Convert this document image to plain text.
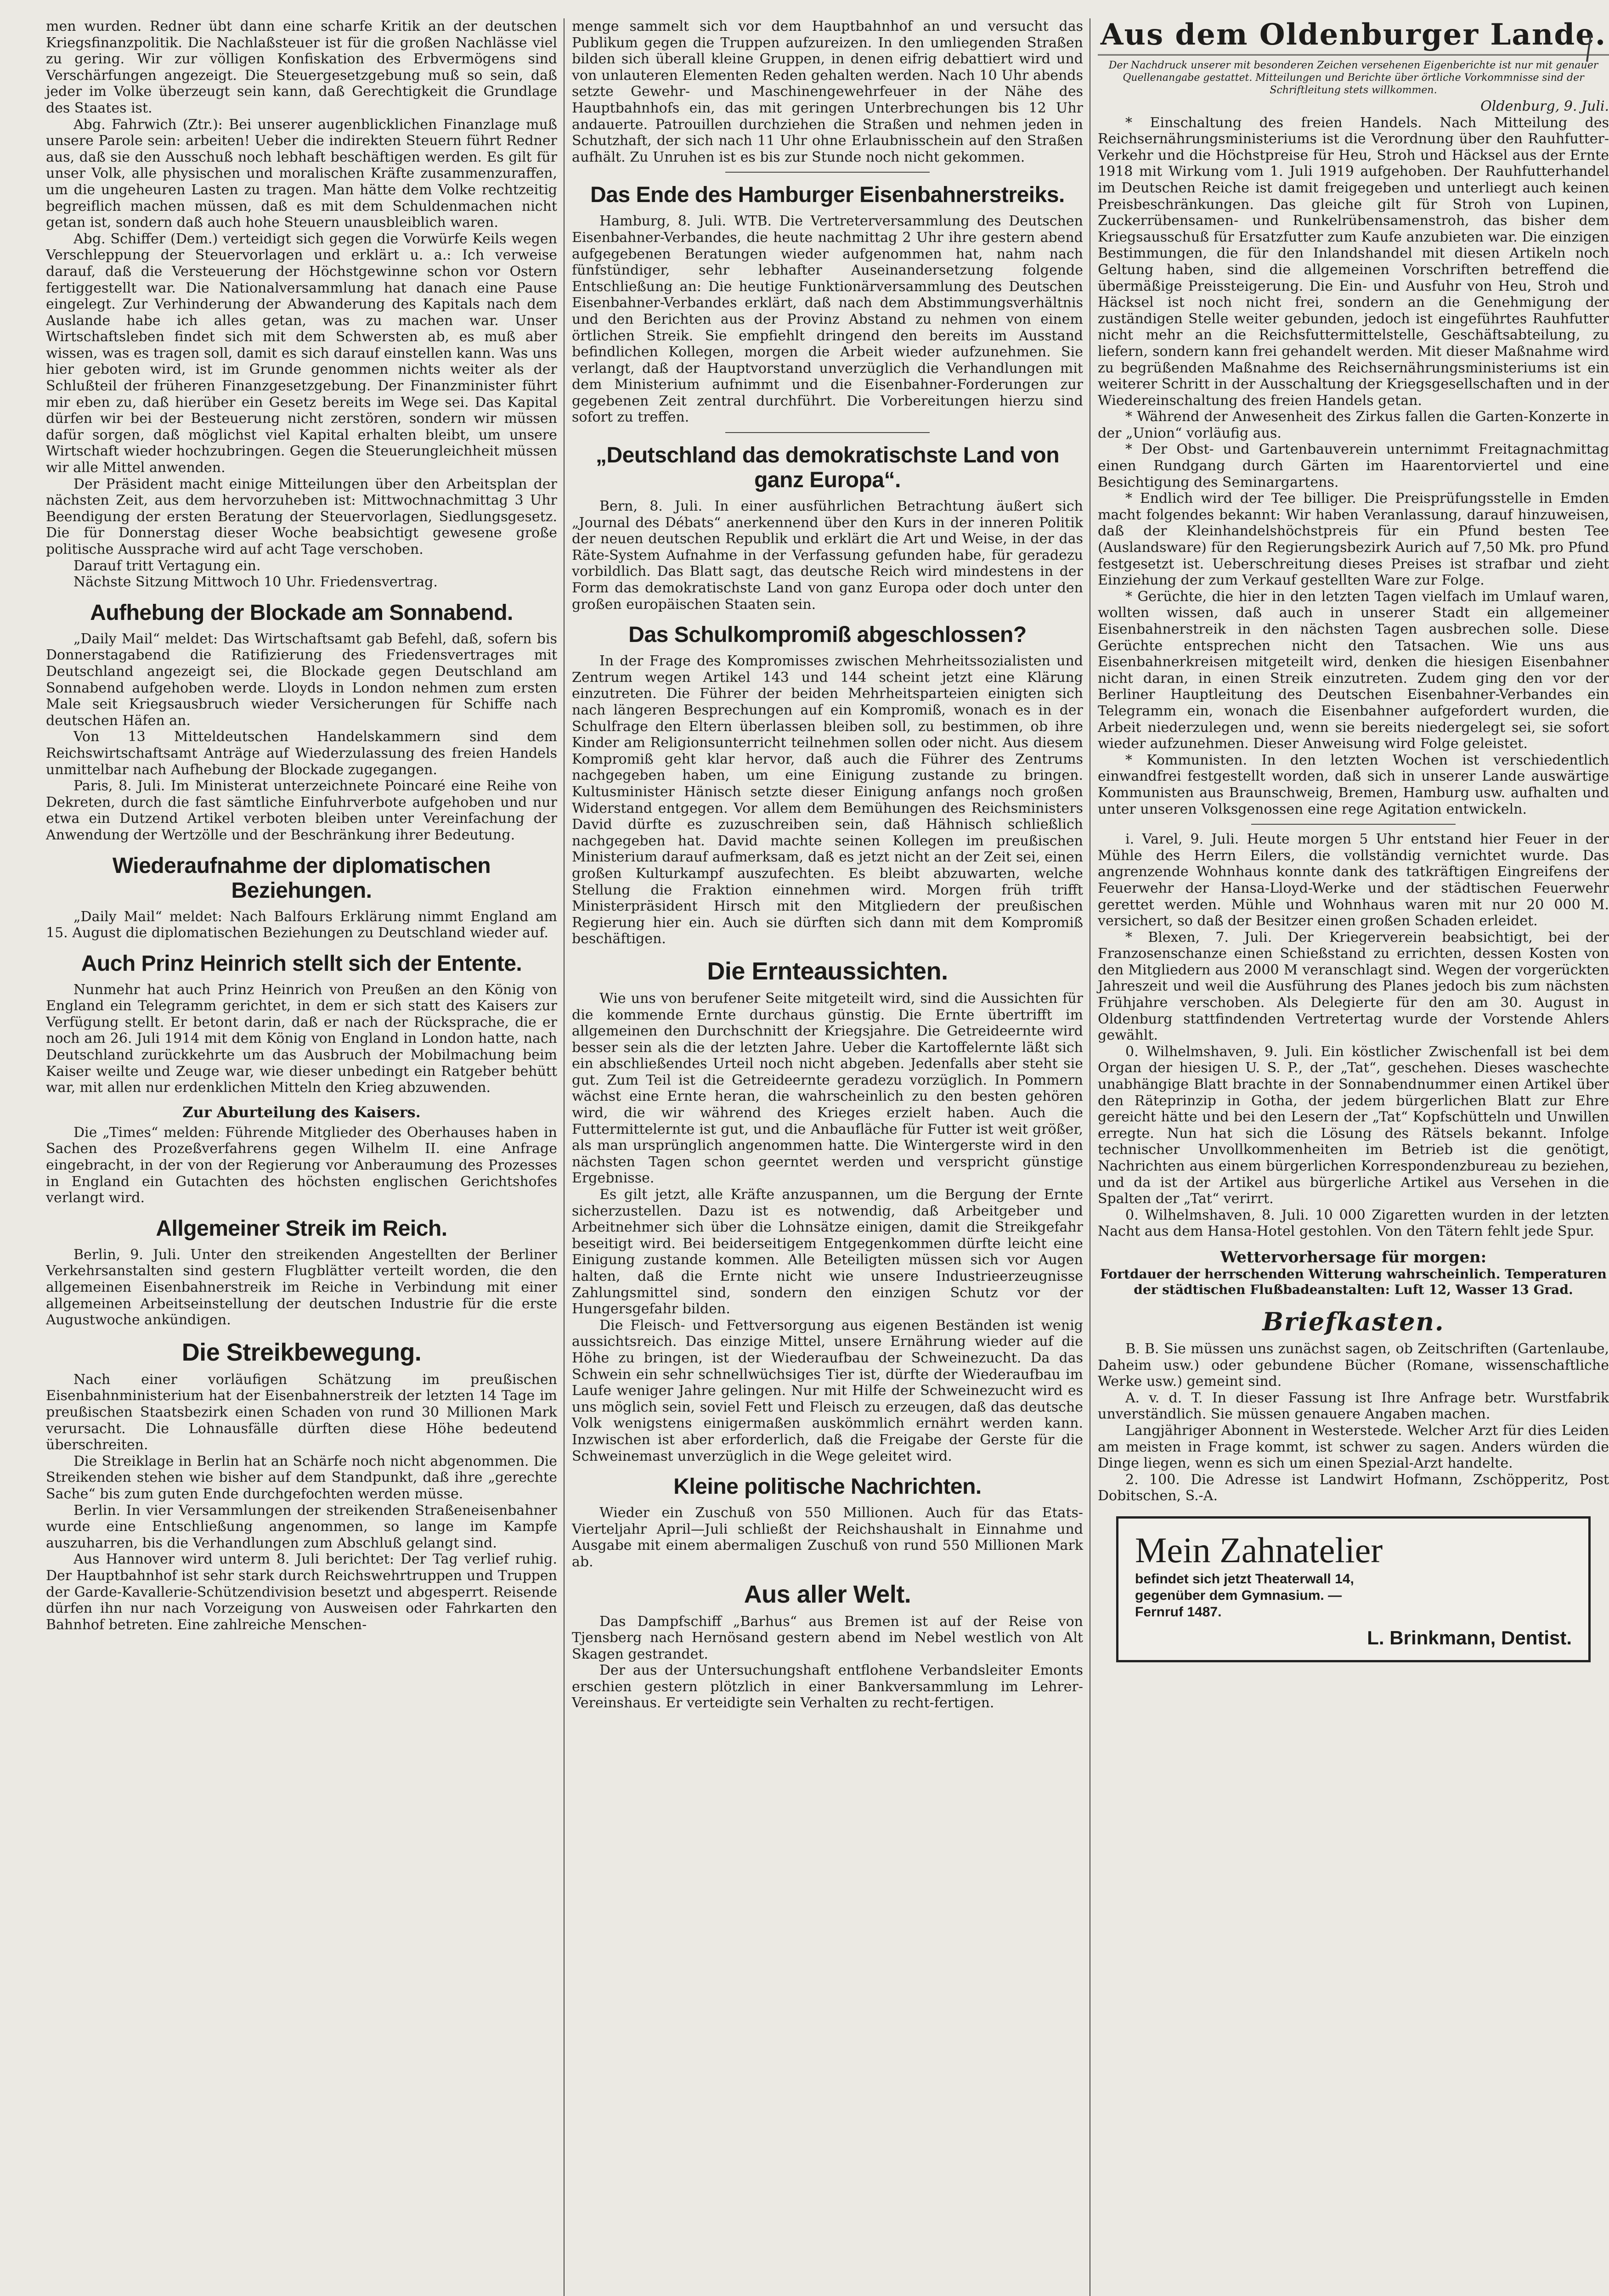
men wurden. Redner übt dann eine scharfe Kritik an der deutschen Kriegsfinanzpolitik. Die Nachlaßsteuer ist für die großen Nachlässe viel zu gering. Wir zur völligen Konfiskation des Erbvermögens sind Verschärfungen angezeigt. Die Steuergesetzgebung muß so sein, daß jeder im Volke überzeugt sein kann, daß Gerechtigkeit die Grundlage des Staates ist.

Abg. Fahrwich (Ztr.): Bei unserer augenblicklichen Finanzlage muß unsere Parole sein: arbeiten! Ueber die indirekten Steuern führt Redner aus, daß sie den Ausschuß noch lebhaft beschäftigen werden. Es gilt für unser Volk, alle physischen und moralischen Kräfte zusammenzuraffen, um die ungeheuren Lasten zu tragen. Man hätte dem Volke rechtzeitig begreiflich machen müssen, daß es mit dem Schuldenmachen nicht getan ist, sondern daß auch hohe Steuern unausbleiblich waren.

Abg. Schiffer (Dem.) verteidigt sich gegen die Vorwürfe Keils wegen Verschleppung der Steuervorlagen und erklärt u. a.: Ich verweise darauf, daß die Versteuerung der Höchstgewinne schon vor Ostern fertiggestellt war. Die Nationalversammlung hat danach eine Pause eingelegt. Zur Verhinderung der Abwanderung des Kapitals nach dem Auslande habe ich alles getan, was zu machen war. Unser Wirtschaftsleben findet sich mit dem Schwersten ab, es muß aber wissen, was es tragen soll, damit es sich darauf einstellen kann. Was uns hier geboten wird, ist im Grunde genommen nichts weiter als der Schlußteil der früheren Finanzgesetzgebung. Der Finanzminister führt mir eben zu, daß hierüber ein Gesetz bereits im Wege sei. Das Kapital dürfen wir bei der Besteuerung nicht zerstören, sondern wir müssen dafür sorgen, daß möglichst viel Kapital erhalten bleibt, um unsere Wirtschaft wieder hochzubringen. Gegen die Steuerungleichheit müssen wir alle Mittel anwenden.

Der Präsident macht einige Mitteilungen über den Arbeitsplan der nächsten Zeit, aus dem hervorzuheben ist: Mittwochnachmittag 3 Uhr Beendigung der ersten Beratung der Steuervorlagen, Siedlungsgesetz. Die für Donnerstag dieser Woche beabsichtigt gewesene große politische Aussprache wird auf acht Tage verschoben.

Darauf tritt Vertagung ein.

Nächste Sitzung Mittwoch 10 Uhr. Friedensvertrag.

Aufhebung der Blockade am Sonnabend.

„Daily Mail“ meldet: Das Wirtschaftsamt gab Befehl, daß, sofern bis Donnerstagabend die Ratifizierung des Friedensvertrages mit Deutschland angezeigt sei, die Blockade gegen Deutschland am Sonnabend aufgehoben werde. Lloyds in London nehmen zum ersten Male seit Kriegsausbruch wieder Versicherungen für Schiffe nach deutschen Häfen an.

Von 13 Mitteldeutschen Handelskammern sind dem Reichswirtschaftsamt Anträge auf Wiederzulassung des freien Handels unmittelbar nach Aufhebung der Blockade zugegangen.

Paris, 8. Juli. Im Ministerat unterzeichnete Poincaré eine Reihe von Dekreten, durch die fast sämtliche Einfuhrverbote aufgehoben und nur etwa ein Dutzend Artikel verboten bleiben unter Vereinfachung der Anwendung der Wertzölle und der Beschränkung ihrer Bedeutung.

Wiederaufnahme der diplomatischen Beziehungen.

„Daily Mail“ meldet: Nach Balfours Erklärung nimmt England am 15. August die diplomatischen Beziehungen zu Deutschland wieder auf.

Auch Prinz Heinrich stellt sich der Entente.

Nunmehr hat auch Prinz Heinrich von Preußen an den König von England ein Telegramm gerichtet, in dem er sich statt des Kaisers zur Verfügung stellt. Er betont darin, daß er nach der Rücksprache, die er noch am 26. Juli 1914 mit dem König von England in London hatte, nach Deutschland zurückkehrte um das Ausbruch der Mobilmachung beim Kaiser weilte und Zeuge war, wie dieser unbedingt ein Ratgeber behütt war, mit allen nur erdenklichen Mitteln den Krieg abzuwenden.

Zur Aburteilung des Kaisers.

Die „Times“ melden: Führende Mitglieder des Oberhauses haben in Sachen des Prozeßverfahrens gegen Wilhelm II. eine Anfrage eingebracht, in der von der Regierung vor Anberaumung des Prozesses in England ein Gutachten des höchsten englischen Gerichtshofes verlangt wird.

Allgemeiner Streik im Reich.

Berlin, 9. Juli. Unter den streikenden Angestellten der Berliner Verkehrsanstalten sind gestern Flugblätter verteilt worden, die den allgemeinen Eisenbahnerstreik im Reiche in Verbindung mit einer allgemeinen Arbeitseinstellung der deutschen Industrie für die erste Augustwoche ankündigen.

Die Streikbewegung.

Nach einer vorläufigen Schätzung im preußischen Eisenbahnministerium hat der Eisenbahnerstreik der letzten 14 Tage im preußischen Staatsbezirk einen Schaden von rund 30 Millionen Mark verursacht. Die Lohnausfälle dürften diese Höhe bedeutend überschreiten.

Die Streiklage in Berlin hat an Schärfe noch nicht abgenommen. Die Streikenden stehen wie bisher auf dem Standpunkt, daß ihre „gerechte Sache“ bis zum guten Ende durchgefochten werden müsse.

Berlin. In vier Versammlungen der streikenden Straßeneisenbahner wurde eine Entschließung angenommen, so lange im Kampfe auszuharren, bis die Verhandlungen zum Abschluß gelangt sind.

Aus Hannover wird unterm 8. Juli berichtet: Der Tag verlief ruhig. Der Hauptbahnhof ist sehr stark durch Reichswehrtruppen und Truppen der Garde-Kavallerie-Schützendivision besetzt und abgesperrt. Reisende dürfen ihn nur nach Vorzeigung von Ausweisen oder Fahrkarten den Bahnhof betreten. Eine zahlreiche Menschen-

menge sammelt sich vor dem Hauptbahnhof an und versucht das Publikum gegen die Truppen aufzureizen. In den umliegenden Straßen bilden sich überall kleine Gruppen, in denen eifrig debattiert wird und von unlauteren Elementen Reden gehalten werden. Nach 10 Uhr abends setzte Gewehr- und Maschinengewehrfeuer in der Nähe des Hauptbahnhofs ein, das mit geringen Unterbrechungen bis 12 Uhr andauerte. Patrouillen durchziehen die Straßen und nehmen jeden in Schutzhaft, der sich nach 11 Uhr ohne Erlaubnisschein auf den Straßen aufhält. Zu Unruhen ist es bis zur Stunde noch nicht gekommen.

Das Ende des Hamburger Eisenbahnerstreiks.

Hamburg, 8. Juli. WTB. Die Vertreterversammlung des Deutschen Eisenbahner-Verbandes, die heute nachmittag 2 Uhr ihre gestern abend aufgegebenen Beratungen wieder aufgenommen hat, nahm nach fünfstündiger, sehr lebhafter Auseinandersetzung folgende Entschließung an: Die heutige Funktionärversammlung des Deutschen Eisenbahner-Verbandes erklärt, daß nach dem Abstimmungsverhältnis und den Berichten aus der Provinz Abstand zu nehmen von einem örtlichen Streik. Sie empfiehlt dringend den bereits im Ausstand befindlichen Kollegen, morgen die Arbeit wieder aufzunehmen. Sie verlangt, daß der Hauptvorstand unverzüglich die Verhandlungen mit dem Ministerium aufnimmt und die Eisenbahner-Forderungen zur gegebenen Zeit zentral durchführt. Die Vorbereitungen hierzu sind sofort zu treffen.

„Deutschland das demokratischste Land von ganz Europa“.

Bern, 8. Juli. In einer ausführlichen Betrachtung äußert sich „Journal des Débats“ anerkennend über den Kurs in der inneren Politik der neuen deutschen Republik und erklärt die Art und Weise, in der das Räte-System Aufnahme in der Verfassung gefunden habe, für geradezu vorbildlich. Das Blatt sagt, das deutsche Reich wird mindestens in der Form das demokratischste Land von ganz Europa oder doch unter den großen europäischen Staaten sein.

Das Schulkompromiß abgeschlossen?

In der Frage des Kompromisses zwischen Mehrheitssozialisten und Zentrum wegen Artikel 143 und 144 scheint jetzt eine Klärung einzutreten. Die Führer der beiden Mehrheitsparteien einigten sich nach längeren Besprechungen auf ein Kompromiß, wonach es in der Schulfrage den Eltern überlassen bleiben soll, zu bestimmen, ob ihre Kinder am Religionsunterricht teilnehmen sollen oder nicht. Aus diesem Kompromiß geht klar hervor, daß auch die Führer des Zentrums nachgegeben haben, um eine Einigung zustande zu bringen. Kultusminister Hänisch setzte dieser Einigung anfangs noch großen Widerstand entgegen. Vor allem dem Bemühungen des Reichsministers David dürfte es zuzuschreiben sein, daß Hähnisch schließlich nachgegeben hat. David machte seinen Kollegen im preußischen Ministerium darauf aufmerksam, daß es jetzt nicht an der Zeit sei, einen großen Kulturkampf auszufechten. Es bleibt abzuwarten, welche Stellung die Fraktion einnehmen wird. Morgen früh trifft Ministerpräsident Hirsch mit den Mitgliedern der preußischen Regierung hier ein. Auch sie dürften sich dann mit dem Kompromiß beschäftigen.

Die Ernteaussichten.

Wie uns von berufener Seite mitgeteilt wird, sind die Aussichten für die kommende Ernte durchaus günstig. Die Ernte übertrifft im allgemeinen den Durchschnitt der Kriegsjahre. Die Getreideernte wird besser sein als die der letzten Jahre. Ueber die Kartoffelernte läßt sich ein abschließendes Urteil noch nicht abgeben. Jedenfalls aber steht sie gut. Zum Teil ist die Getreideernte geradezu vorzüglich. In Pommern wächst eine Ernte heran, die wahrscheinlich zu den besten gehören wird, die wir während des Krieges erzielt haben. Auch die Futtermittelernte ist gut, und die Anbaufläche für Futter ist weit größer, als man ursprünglich angenommen hatte. Die Wintergerste wird in den nächsten Tagen schon geerntet werden und verspricht günstige Ergebnisse.

Es gilt jetzt, alle Kräfte anzuspannen, um die Bergung der Ernte sicherzustellen. Dazu ist es notwendig, daß Arbeitgeber und Arbeitnehmer sich über die Lohnsätze einigen, damit die Streikgefahr beseitigt wird. Bei beiderseitigem Entgegenkommen dürfte leicht eine Einigung zustande kommen. Alle Beteiligten müssen sich vor Augen halten, daß die Ernte nicht wie unsere Industrieerzeugnisse Zahlungsmittel sind, sondern den einzigen Schutz vor der Hungersgefahr bilden.

Die Fleisch- und Fettversorgung aus eigenen Beständen ist wenig aussichtsreich. Das einzige Mittel, unsere Ernährung wieder auf die Höhe zu bringen, ist der Wiederaufbau der Schweinezucht. Da das Schwein ein sehr schnellwüchsiges Tier ist, dürfte der Wiederaufbau im Laufe weniger Jahre gelingen. Nur mit Hilfe der Schweinezucht wird es uns möglich sein, soviel Fett und Fleisch zu erzeugen, daß das deutsche Volk wenigstens einigermaßen auskömmlich ernährt werden kann. Inzwischen ist aber erforderlich, daß die Freigabe der Gerste für die Schweinemast unverzüglich in die Wege geleitet wird.

Kleine politische Nachrichten.

Wieder ein Zuschuß von 550 Millionen. Auch für das Etats-Vierteljahr April—Juli schließt der Reichshaushalt in Einnahme und Ausgabe mit einem abermaligen Zuschuß von rund 550 Millionen Mark ab.

Aus aller Welt.

Das Dampfschiff „Barhus“ aus Bremen ist auf der Reise von Tjensberg nach Hernösand gestern abend im Nebel westlich von Alt Skagen gestrandet.

Der aus der Untersuchungshaft entflohene Verbandsleiter Emonts erschien gestern plötzlich in einer Bankversammlung im Lehrer-Vereinshaus. Er verteidigte sein Verhalten zu recht-fertigen.

Aus dem Oldenburger Lande.
Der Nachdruck unserer mit besonderen Zeichen versehenen Eigenberichte ist nur mit genauer Quellenangabe gestattet. Mitteilungen und Berichte über örtliche Vorkommnisse sind der Schriftleitung stets willkommen.
Oldenburg, 9. Juli.

* Einschaltung des freien Handels. Nach Mitteilung des Reichsernährungsministeriums ist die Verordnung über den Rauhfutter-Verkehr und die Höchstpreise für Heu, Stroh und Häcksel aus der Ernte 1918 mit Wirkung vom 1. Juli 1919 aufgehoben. Der Rauhfutterhandel im Deutschen Reiche ist damit freigegeben und unterliegt auch keinen Preisbeschränkungen. Das gleiche gilt für Stroh von Lupinen, Zuckerrübensamen- und Runkelrübensamenstroh, das bisher dem Kriegsausschuß für Ersatzfutter zum Kaufe anzubieten war. Die einzigen Bestimmungen, die für den Inlandshandel mit diesen Artikeln noch Geltung haben, sind die allgemeinen Vorschriften betreffend die übermäßige Preissteigerung. Die Ein- und Ausfuhr von Heu, Stroh und Häcksel ist noch nicht frei, sondern an die Genehmigung der zuständigen Stelle weiter gebunden, jedoch ist eingeführtes Rauhfutter nicht mehr an die Reichsfuttermittelstelle, Geschäftsabteilung, zu liefern, sondern kann frei gehandelt werden. Mit dieser Maßnahme wird zu begrüßenden Maßnahme des Reichsernährungsministeriums ist ein weiterer Schritt in der Ausschaltung der Kriegsgesellschaften und in der Wiedereinschaltung des freien Handels getan.

* Während der Anwesenheit des Zirkus fallen die Garten-Konzerte in der „Union“ vorläufig aus.

* Der Obst- und Gartenbauverein unternimmt Freitagnachmittag einen Rundgang durch Gärten im Haarentorviertel und eine Besichtigung des Seminargartens.

* Endlich wird der Tee billiger. Die Preisprüfungsstelle in Emden macht folgendes bekannt: Wir haben Veranlassung, darauf hinzuweisen, daß der Kleinhandelshöchstpreis für ein Pfund besten Tee (Auslandsware) für den Regierungsbezirk Aurich auf 7,50 Mk. pro Pfund festgesetzt ist. Ueberschreitung dieses Preises ist strafbar und zieht Einziehung der zum Verkauf gestellten Ware zur Folge.

* Gerüchte, die hier in den letzten Tagen vielfach im Umlauf waren, wollten wissen, daß auch in unserer Stadt ein allgemeiner Eisenbahnerstreik in den nächsten Tagen ausbrechen solle. Diese Gerüchte entsprechen nicht den Tatsachen. Wie uns aus Eisenbahnerkreisen mitgeteilt wird, denken die hiesigen Eisenbahner nicht daran, in einen Streik einzutreten. Zudem ging den vor der Berliner Hauptleitung des Deutschen Eisenbahner-Verbandes ein Telegramm ein, wonach die Eisenbahner aufgefordert wurden, die Arbeit niederzulegen und, wenn sie bereits niedergelegt sei, sie sofort wieder aufzunehmen. Dieser Anweisung wird Folge geleistet.

* Kommunisten. In den letzten Wochen ist verschiedentlich einwandfrei festgestellt worden, daß sich in unserer Lande auswärtige Kommunisten aus Braunschweig, Bremen, Hamburg usw. aufhalten und unter unseren Volksgenossen eine rege Agitation entwickeln.

i. Varel, 9. Juli. Heute morgen 5 Uhr entstand hier Feuer in der Mühle des Herrn Eilers, die vollständig vernichtet wurde. Das angrenzende Wohnhaus konnte dank des tatkräftigen Eingreifens der Feuerwehr der Hansa-Lloyd-Werke und der städtischen Feuerwehr gerettet werden. Mühle und Wohnhaus waren mit nur 20 000 M. versichert, so daß der Besitzer einen großen Schaden erleidet.

* Blexen, 7. Juli. Der Kriegerverein beabsichtigt, bei der Franzosenschanze einen Schießstand zu errichten, dessen Kosten von den Mitgliedern aus 2000 M veranschlagt sind. Wegen der vorgerückten Jahreszeit und weil die Ausführung des Planes jedoch bis zum nächsten Frühjahre verschoben. Als Delegierte für den am 30. August in Oldenburg stattfindenden Vertretertag wurde der Vorstende Ahlers gewählt.

0. Wilhelmshaven, 9. Juli. Ein köstlicher Zwischenfall ist bei dem Organ der hiesigen U. S. P., der „Tat“, geschehen. Dieses waschechte unabhängige Blatt brachte in der Sonnabendnummer einen Artikel über den Räteprinzip in Gotha, der jedem bürgerlichen Blatt zur Ehre gereicht hätte und bei den Lesern der „Tat“ Kopfschütteln und Unwillen erregte. Nun hat sich die Lösung des Rätsels bekannt. Infolge technischer Unvollkommenheiten im Betrieb ist die genötigt, Nachrichten aus einem bürgerlichen Korrespondenzbureau zu beziehen, und da ist der Artikel aus bürgerliche Artikel aus Versehen in die Spalten der „Tat“ verirrt.

0. Wilhelmshaven, 8. Juli. 10 000 Zigaretten wurden in der letzten Nacht aus dem Hansa-Hotel gestohlen. Von den Tätern fehlt jede Spur.

Wettervorhersage für morgen:
Fortdauer der herrschenden Witterung wahrscheinlich. Temperaturen der städtischen Flußbadeanstalten: Luft 12, Wasser 13 Grad.
Briefkasten.

B. B. Sie müssen uns zunächst sagen, ob Zeitschriften (Gartenlaube, Daheim usw.) oder gebundene Bücher (Romane, wissenschaftliche Werke usw.) gemeint sind.

A. v. d. T. In dieser Fassung ist Ihre Anfrage betr. Wurstfabrik unverständlich. Sie müssen genauere Angaben machen.

Langjähriger Abonnent in Westerstede. Welcher Arzt für dies Leiden am meisten in Frage kommt, ist schwer zu sagen. Anders würden die Dinge liegen, wenn es sich um einen Spezial-Arzt handelte.

2. 100. Die Adresse ist Landwirt Hofmann, Zschöpperitz, Post Dobitschen, S.-A.

Mein Zahnatelier
befindet sich jetzt Theaterwall 14,
gegenüber dem Gymnasium. —
Fernruf 1487.
L. Brinkmann, Dentist.
